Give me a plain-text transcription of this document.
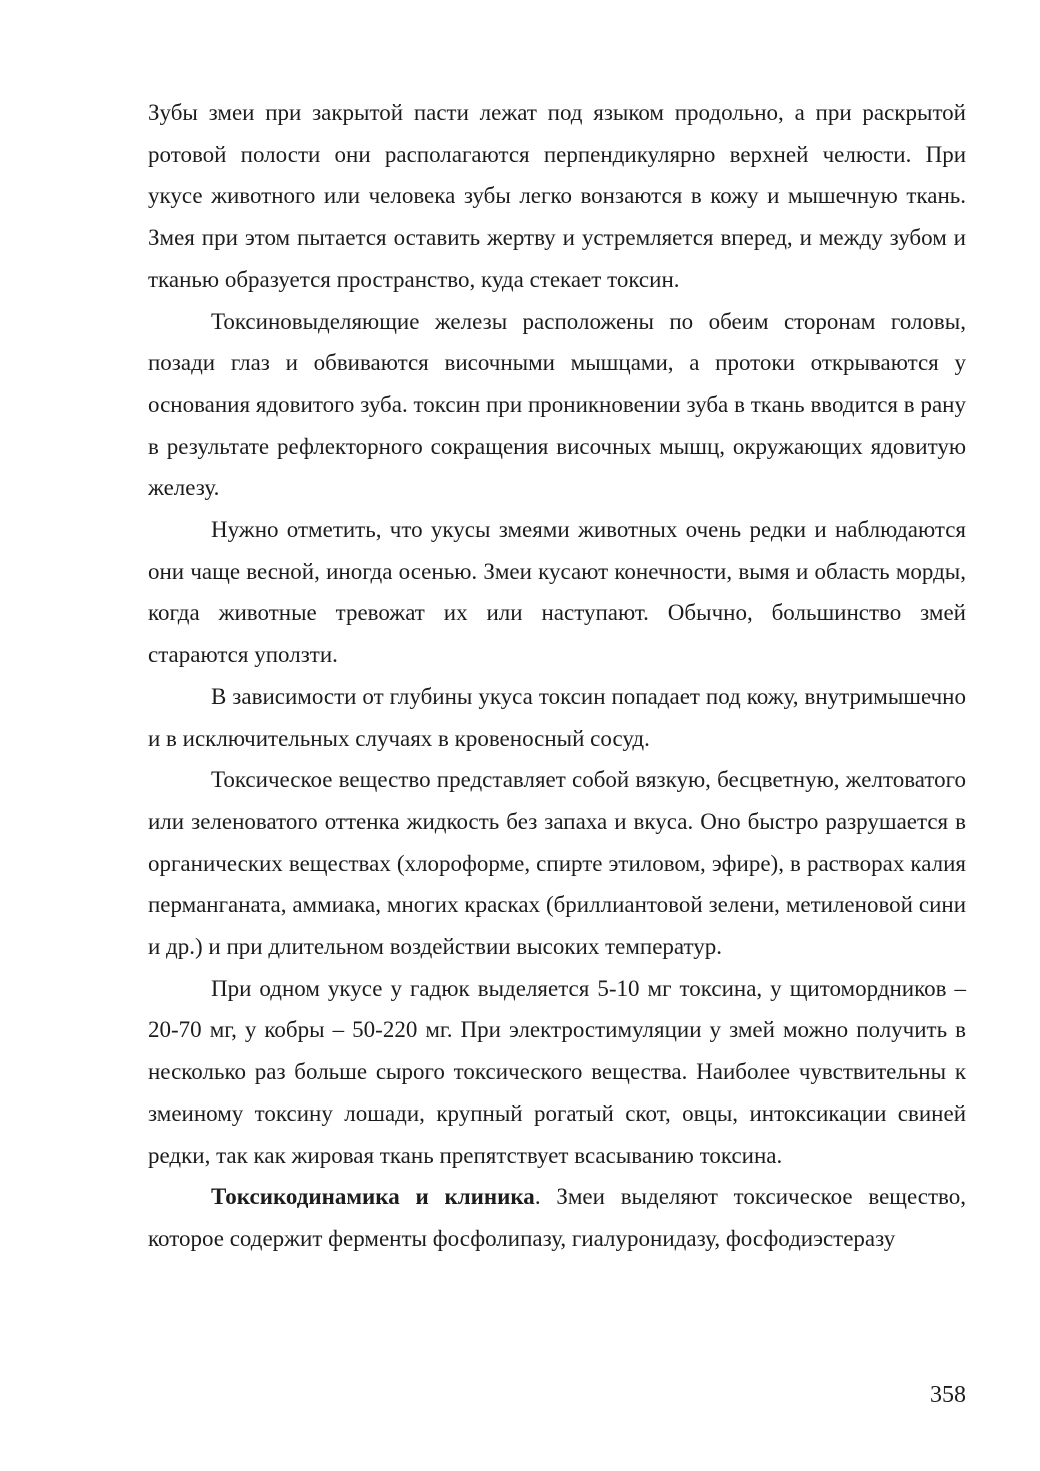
Зубы змеи при закрытой пасти лежат под языком продольно, а при раскрытой ротовой полости они располагаются перпендикулярно верхней челюсти. При укусе животного или человека зубы легко вонзаются в кожу и мышечную ткань. Змея при этом пытается оставить жертву и устремляется вперед, и между зубом и тканью образуется пространство, куда стекает токсин.

Токсиновыделяющие железы расположены по обеим сторонам головы, позади глаз и обвиваются височными мышцами, а протоки открываются у основания ядовитого зуба. токсин при проникновении зуба в ткань вводится в рану в результате рефлекторного сокращения височных мышц, окружающих ядовитую железу.

Нужно отметить, что укусы змеями животных очень редки и наблюдаются они чаще весной, иногда осенью. Змеи кусают конечности, вымя и область морды, когда животные тревожат их или наступают. Обычно, большинство змей стараются уползти.

В зависимости от глубины укуса токсин попадает под кожу, внутримышечно и в исключительных случаях в кровеносный сосуд.

Токсическое вещество представляет собой вязкую, бесцветную, желтоватого или зеленоватого оттенка жидкость без запаха и вкуса. Оно быстро разрушается в органических веществах (хлороформе, спирте этиловом, эфире), в растворах калия перманганата, аммиака, многих красках (бриллиантовой зелени, метиленовой сини и др.) и при длительном воздействии высоких температур.

При одном укусе у гадюк выделяется 5-10 мг токсина, у щитомордников – 20-70 мг, у кобры – 50-220 мг. При электростимуляции у змей можно получить в несколько раз больше сырого токсического вещества. Наиболее чувствительны к змеиному токсину лошади, крупный рогатый скот, овцы, интоксикации свиней редки, так как жировая ткань препятствует всасыванию токсина.

Токсикодинамика и клиника. Змеи выделяют токсическое вещество, которое содержит ферменты фосфолипазу, гиалуронидазу, фосфодиэстеразу

358
